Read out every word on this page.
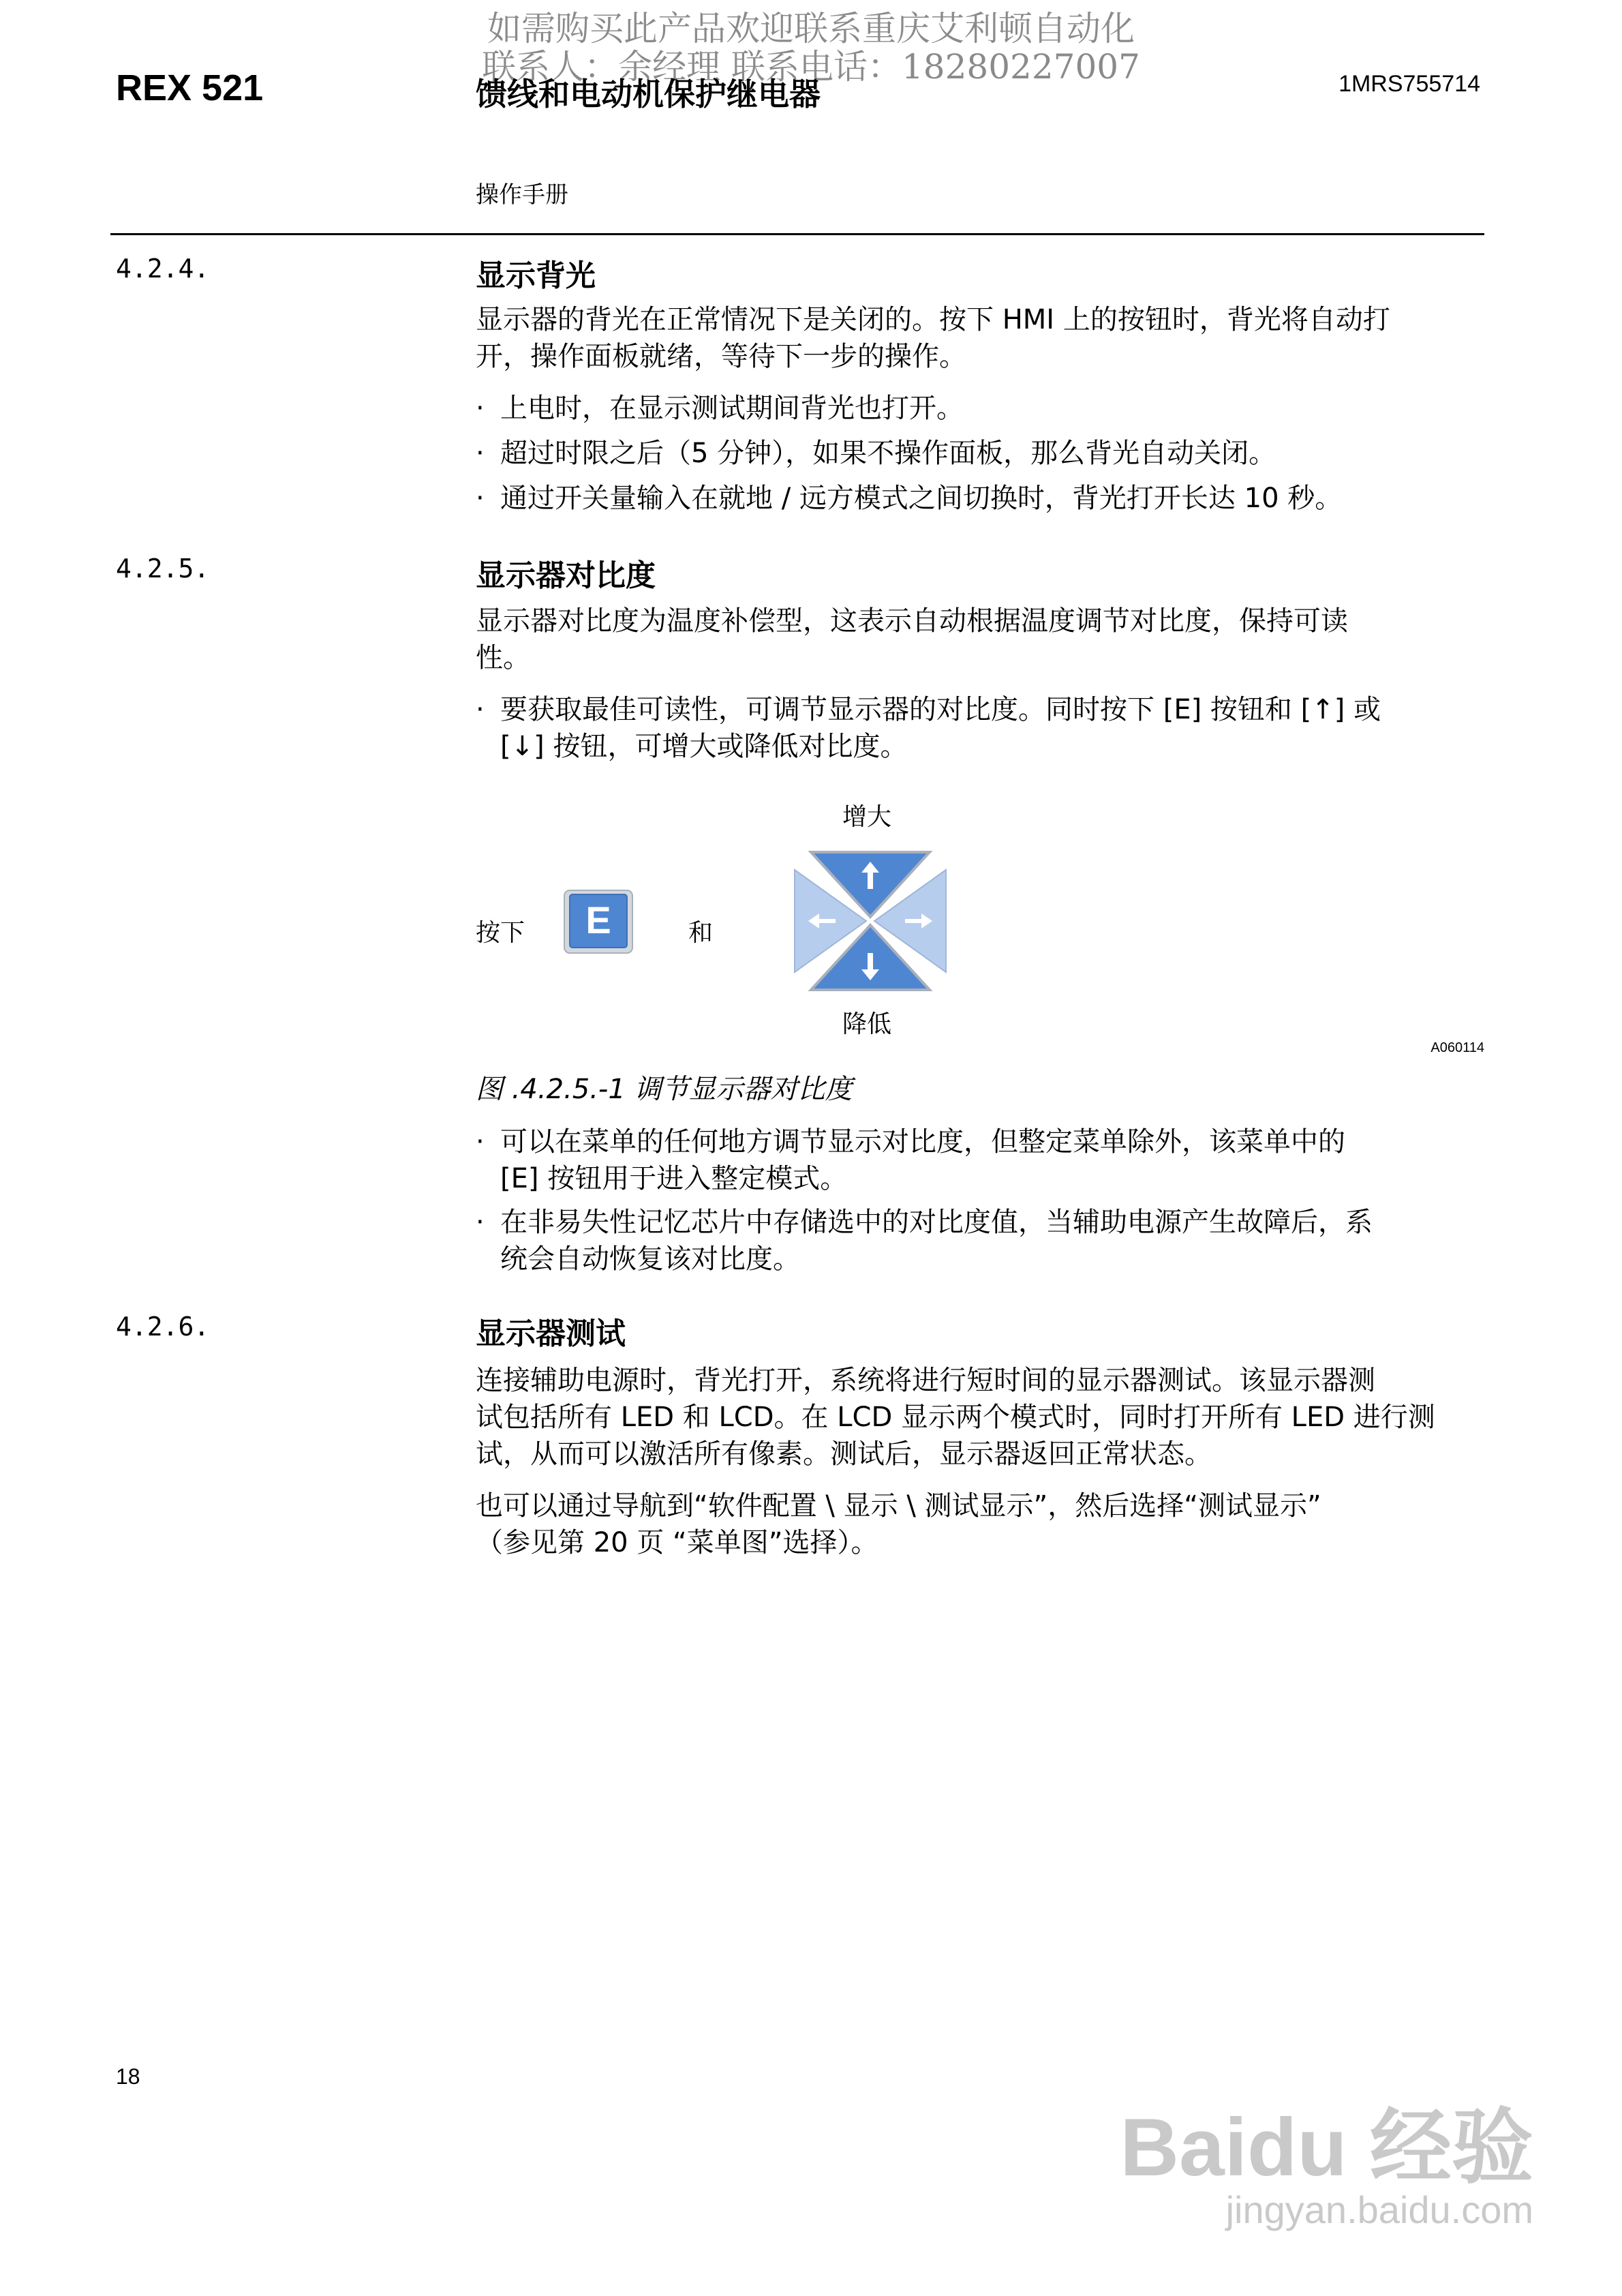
如需购买此产品欢迎联系重庆艾利顿自动化
联系人：余经理 联系电话：18280227007
REX 521	馈线和电动机保护继电器	1MRS755714
操作手册
4.2.4.	显示背光
显示器的背光在正常情况下是关闭的。按下 HMI 上的按钮时，背光将自动打
开，操作面板就绪，等待下一步的操作。
· 上电时，在显示测试期间背光也打开。
· 超过时限之后（5 分钟），如果不操作面板，那么背光自动关闭。
· 通过开关量输入在就地 / 远方模式之间切换时，背光打开长达 10 秒。
4.2.5.	显示器对比度
显示器对比度为温度补偿型，这表示自动根据温度调节对比度，保持可读
性。
· 要获取最佳可读性，可调节显示器的对比度。同时按下 [E] 按钮和 [↑] 或
[↓] 按钮，可增大或降低对比度。
增大
按下	E	和
降低
A060114
图 .4.2.5.-1 调节显示器对比度
· 可以在菜单的任何地方调节显示对比度，但整定菜单除外，该菜单中的
[E] 按钮用于进入整定模式。
· 在非易失性记忆芯片中存储选中的对比度值，当辅助电源产生故障后，系
统会自动恢复该对比度。
4.2.6.	显示器测试
连接辅助电源时，背光打开，系统将进行短时间的显示器测试。该显示器测
试包括所有 LED 和 LCD。在 LCD 显示两个模式时，同时打开所有 LED 进行测
试，从而可以激活所有像素。测试后，显示器返回正常状态。
也可以通过导航到“软件配置 \ 显示 \ 测试显示”，然后选择“测试显示”
（参见第 20 页 “菜单图”选择）。
18
Baidu 经验
jingyan.baidu.com
